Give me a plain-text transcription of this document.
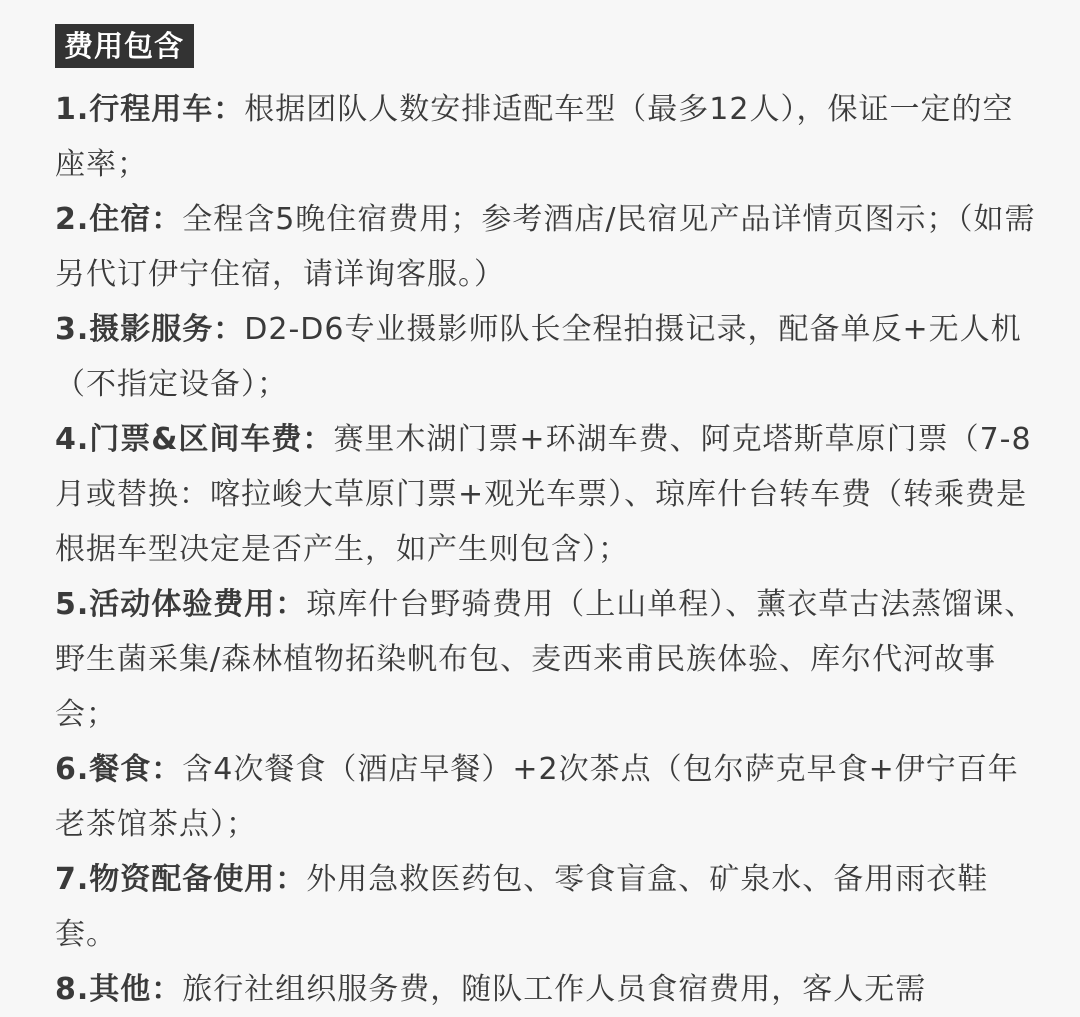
费用包含

1.行程用车：根据团队人数安排适配车型（最多12人），保证一定的空座率；

2.住宿：全程含5晚住宿费用；参考酒店/民宿见产品详情页图示；（如需另代订伊宁住宿，请详询客服。）

3.摄影服务：D2-D6专业摄影师队长全程拍摄记录，配备单反+无人机（不指定设备）；

4.门票&区间车费：赛里木湖门票+环湖车费、阿克塔斯草原门票（7-8月或替换：喀拉峻大草原门票+观光车票）、琼库什台转车费（转乘费是根据车型决定是否产生，如产生则包含）；

5.活动体验费用：琼库什台野骑费用（上山单程）、薰衣草古法蒸馏课、野生菌采集/森林植物拓染帆布包、麦西来甫民族体验、库尔代河故事会；

6.餐食：含4次餐食（酒店早餐）+2次茶点（包尔萨克早食+伊宁百年老茶馆茶点）；

7.物资配备使用：外用急救医药包、零食盲盒、矿泉水、备用雨衣鞋套。

8.其他：旅行社组织服务费，随队工作人员食宿费用，客人无需
